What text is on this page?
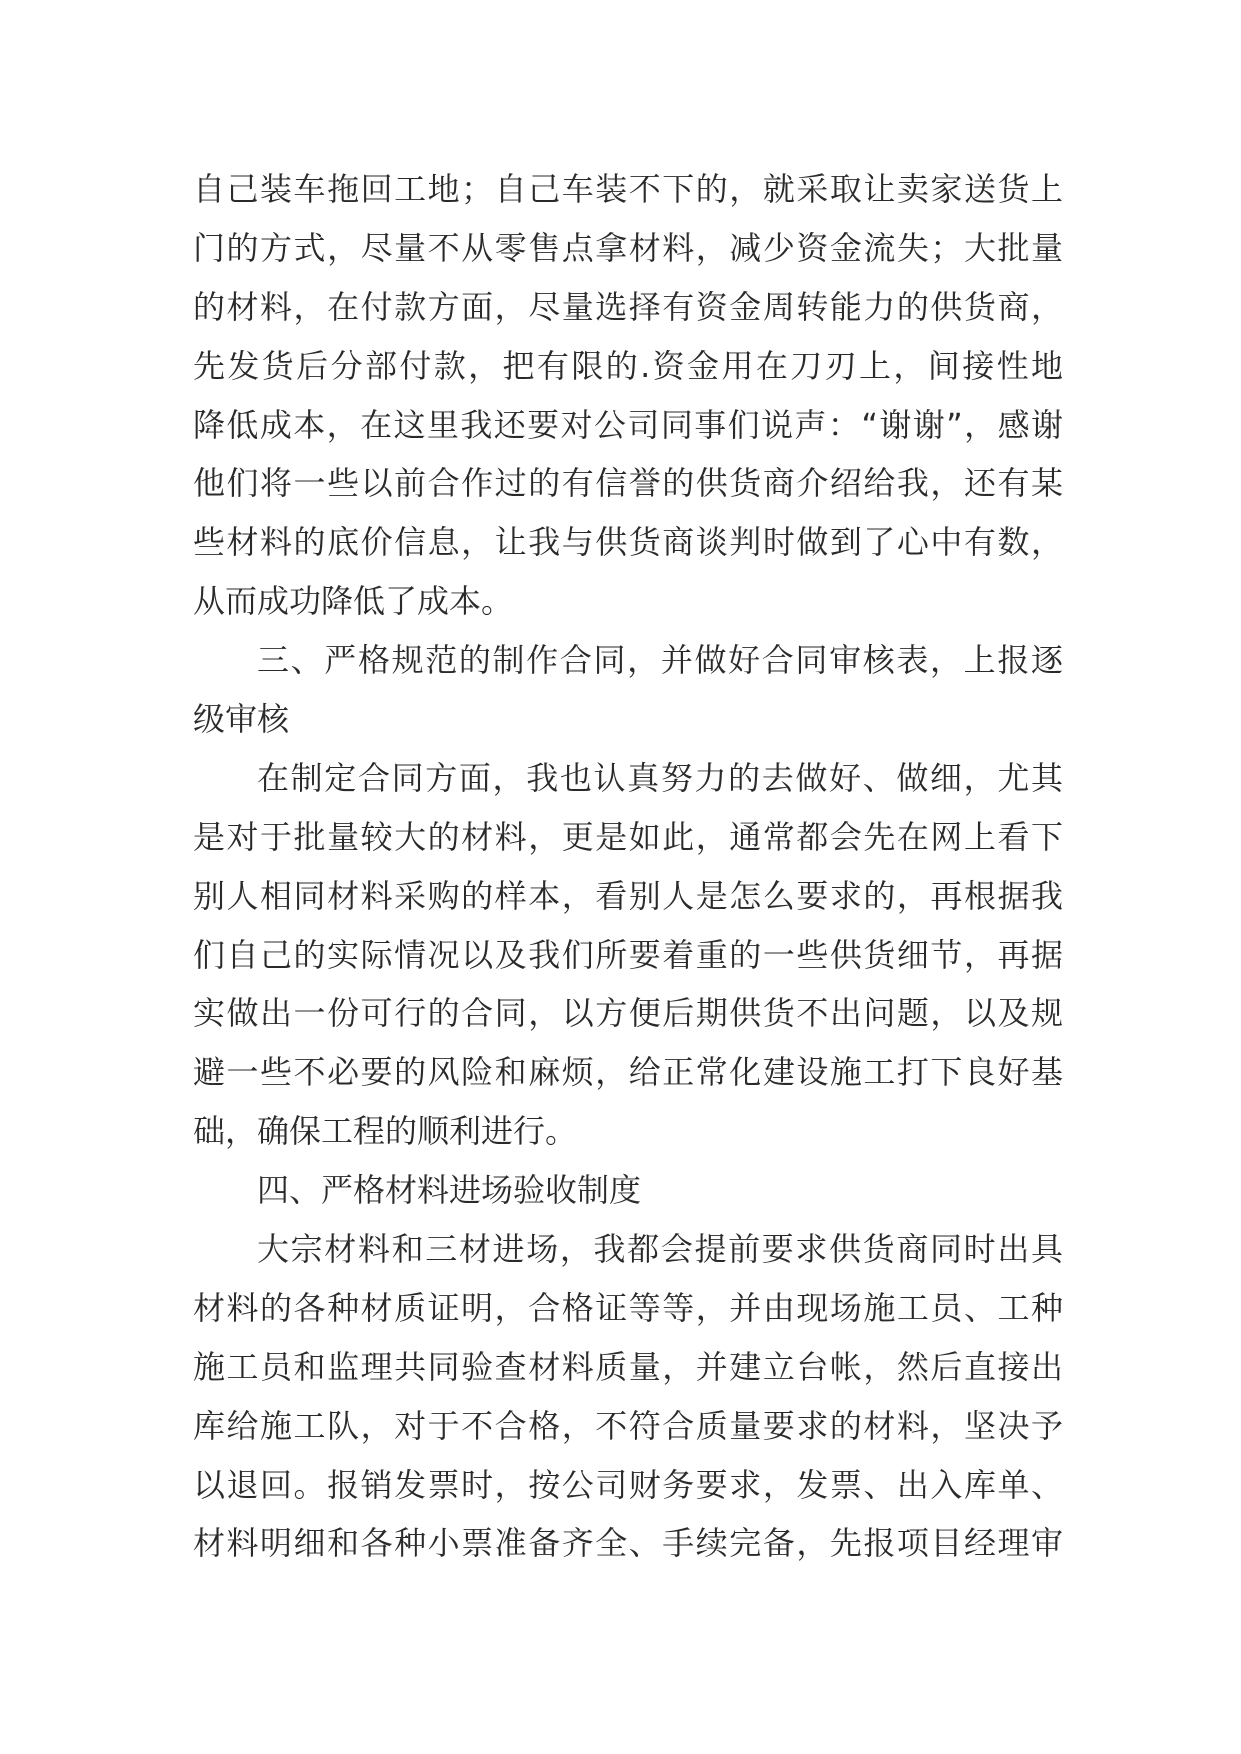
自己装车拖回工地；自己车装不下的，就采取让卖家送货上
门的方式，尽量不从零售点拿材料，减少资金流失；大批量
的材料，在付款方面，尽量选择有资金周转能力的供货商，
先发货后分部付款，把有限的.资金用在刀刃上，间接性地
降低成本，在这里我还要对公司同事们说声：“谢谢”，感谢
他们将一些以前合作过的有信誉的供货商介绍给我，还有某
些材料的底价信息，让我与供货商谈判时做到了心中有数，
从而成功降低了成本。
三、严格规范的制作合同，并做好合同审核表，上报逐
级审核
在制定合同方面，我也认真努力的去做好、做细，尤其
是对于批量较大的材料，更是如此，通常都会先在网上看下
别人相同材料采购的样本，看别人是怎么要求的，再根据我
们自己的实际情况以及我们所要着重的一些供货细节，再据
实做出一份可行的合同，以方便后期供货不出问题，以及规
避一些不必要的风险和麻烦，给正常化建设施工打下良好基
础，确保工程的顺利进行。
四、严格材料进场验收制度
大宗材料和三材进场，我都会提前要求供货商同时出具
材料的各种材质证明，合格证等等，并由现场施工员、工种
施工员和监理共同验查材料质量，并建立台帐，然后直接出
库给施工队，对于不合格，不符合质量要求的材料，坚决予
以退回。报销发票时，按公司财务要求，发票、出入库单、
材料明细和各种小票准备齐全、手续完备，先报项目经理审
